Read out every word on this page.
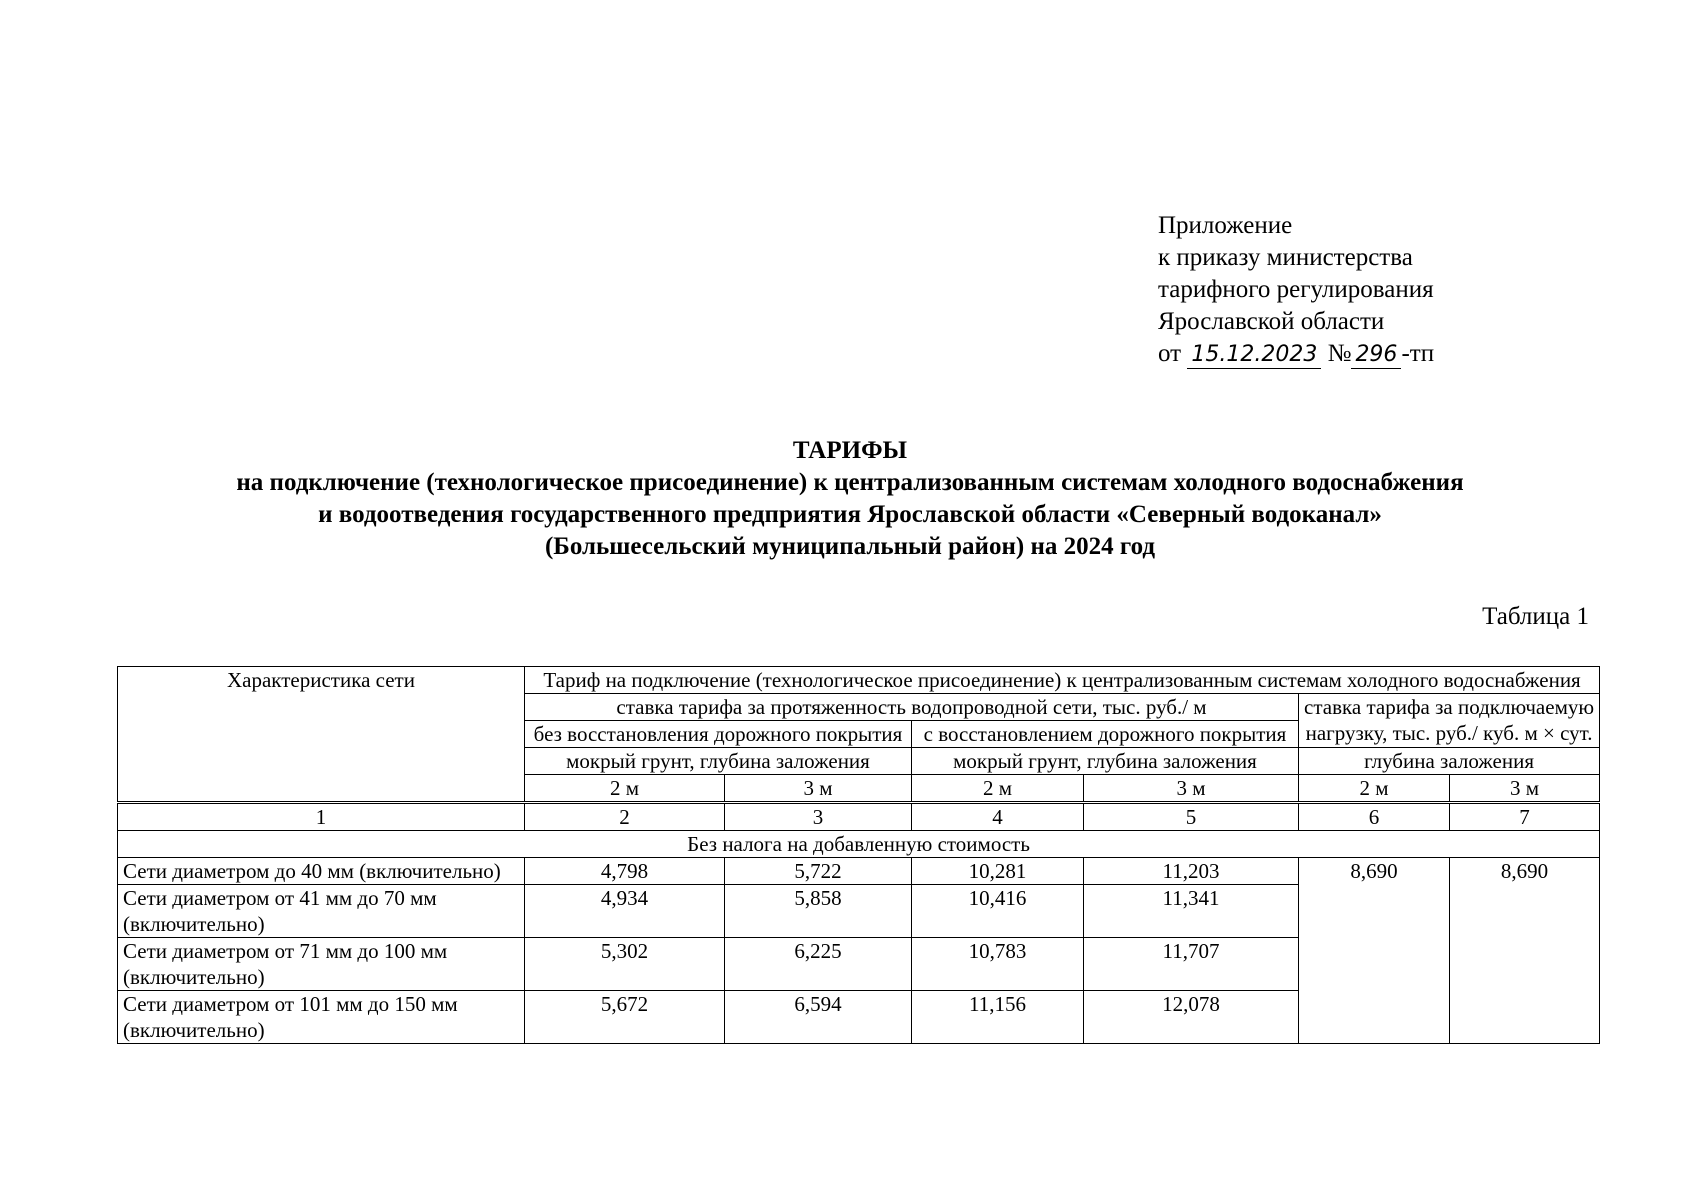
Приложение
к приказу министерства
тарифного регулирования
Ярославской области
от 15.12.2023 № 296 -тп
ТАРИФЫ
на подключение (технологическое присоединение) к централизованным системам холодного водоснабжения
и водоотведения государственного предприятия Ярославской области «Северный водоканал»
(Большесельский муниципальный район) на 2024 год
Таблица 1
Характеристика сети	Тариф на подключение (технологическое присоединение) к централизованным системам холодного водоснабжения					
	ставка тарифа за протяженность водопроводной сети, тыс. руб./ м				ставка тарифа за подключаемую нагрузку, тыс. руб./ куб. м × сут.	
	без восстановления дорожного покрытия		с восстановлением дорожного покрытия			
	мокрый грунт, глубина заложения		мокрый грунт, глубина заложения		глубина заложения	
	2 м	3 м	2 м	3 м	2 м	3 м
1	2	3	4	5	6	7
Без налога на добавленную стоимость						
Сети диаметром до 40 мм (включительно)	4,798	5,722	10,281	11,203	8,690	8,690
Сети диаметром от 41 мм до 70 мм (включительно)	4,934	5,858	10,416	11,341		
Сети диаметром от 71 мм до 100 мм (включительно)	5,302	6,225	10,783	11,707		
Сети диаметром от 101 мм до 150 мм (включительно)	5,672	6,594	11,156	12,078		
